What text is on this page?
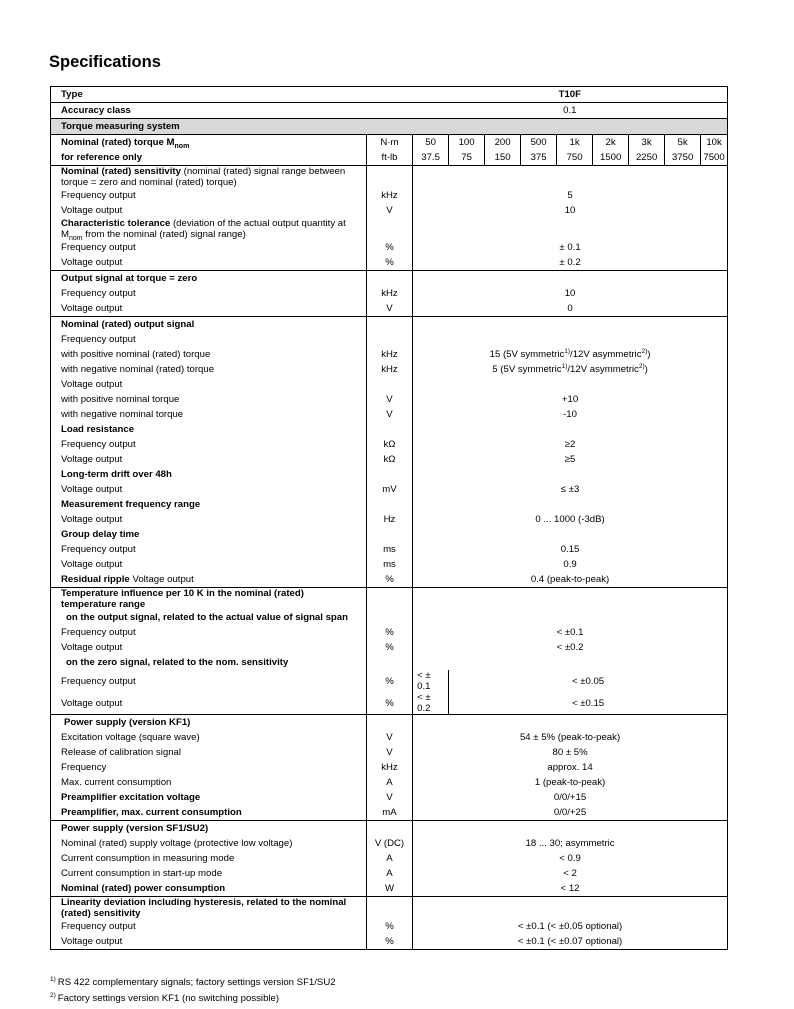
Specifications
Type		T10F								
Accuracy class		0.1								
Torque measuring system										
Nominal (rated) torque $M_{nom}$	N·m	50	100	200	500	1k	2k	3k	5k	10k
for reference only	ft-lb	37.5	75	150	375	750	1500	2250	3750	7500
Nominal (rated) sensitivity (nominal (rated) signal range between torque = zero and nominal (rated) torque)										
Frequency output	kHz	5								
Voltage output	V	10								
Characteristic tolerance (deviation of the actual output quantity at $M_{nom}$ from the nominal (rated) signal range)										
Frequency output	%	± 0.1								
Voltage output	%	± 0.2								
Output signal at torque = zero										
Frequency output	kHz	10								
Voltage output	V	0								
Nominal (rated) output signal										
Frequency output										
with positive nominal (rated) torque	kHz	15 (5V symmetric$^{1)}$/12V asymmetric$^{2)}$)								
with negative nominal (rated) torque	kHz	5 (5V symmetric$^{1)}$/12V asymmetric$^{2)}$)								
Voltage output										
with positive nominal torque	V	+10								
with negative nominal torque	V	-10								
Load resistance										
Frequency output	kΩ	≥2								
Voltage output	kΩ	≥5								
Long-term drift over 48h										
Voltage output	mV	≤ ±3								
Measurement frequency range										
Voltage output	Hz	0 ... 1000 (-3dB)								
Group delay time										
Frequency output	ms	0.15								
Voltage output	ms	0.9								
Residual ripple Voltage output	%	0.4 (peak-to-peak)								
Temperature influence per 10 K in the nominal (rated) temperature range										
on the output signal, related to the actual value of signal span										
Frequency output	%	< ±0.1								
Voltage output	%	< ±0.2								
on the zero signal, related to the nom. sensitivity										
Frequency output	%	< ± 0.1	< ±0.05							
Voltage output	%	< ± 0.2	< ±0.15							
Power supply (version KF1)										
Excitation voltage (square wave)	V	54 ± 5% (peak-to-peak)								
Release of calibration signal	V	80 ± 5%								
Frequency	kHz	approx. 14								
Max. current consumption	A	1 (peak-to-peak)								
Preamplifier excitation voltage	V	0/0/+15								
Preamplifier, max. current consumption	mA	0/0/+25								
Power supply (version SF1/SU2)										
Nominal (rated) supply voltage (protective low voltage)	V (DC)	18 ... 30; asymmetric								
Current consumption in measuring mode	A	< 0.9								
Current consumption in start-up mode	A	< 2								
Nominal (rated) power consumption	W	< 12								
Linearity deviation including hysteresis, related to the nominal (rated) sensitivity										
Frequency output	%	< ±0.1 (< ±0.05 optional)								
Voltage output	%	< ±0.1 (< ±0.07 optional)								
$^{1)}$ RS 422 complementary signals; factory settings version SF1/SU2
$^{2)}$ Factory settings version KF1 (no switching possible)
